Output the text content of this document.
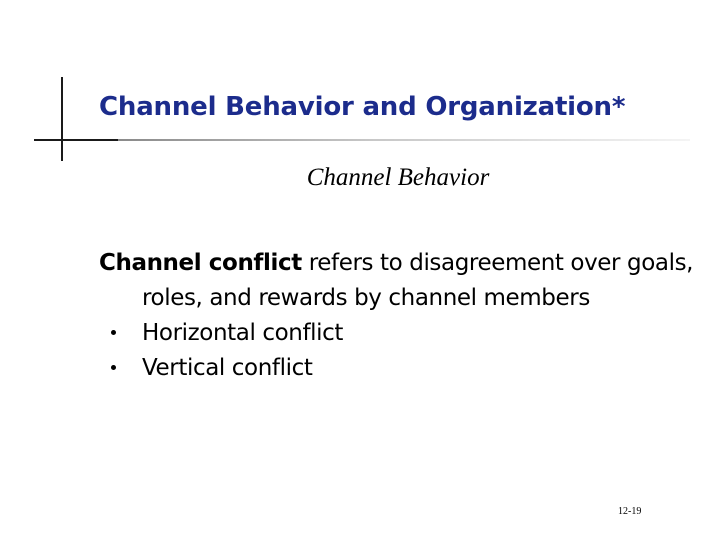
Channel Behavior and Organization*

Channel Behavior

Channel conflict refers to disagreement over goals, roles, and rewards by channel members

Horizontal conflict
Vertical conflict
12-19
